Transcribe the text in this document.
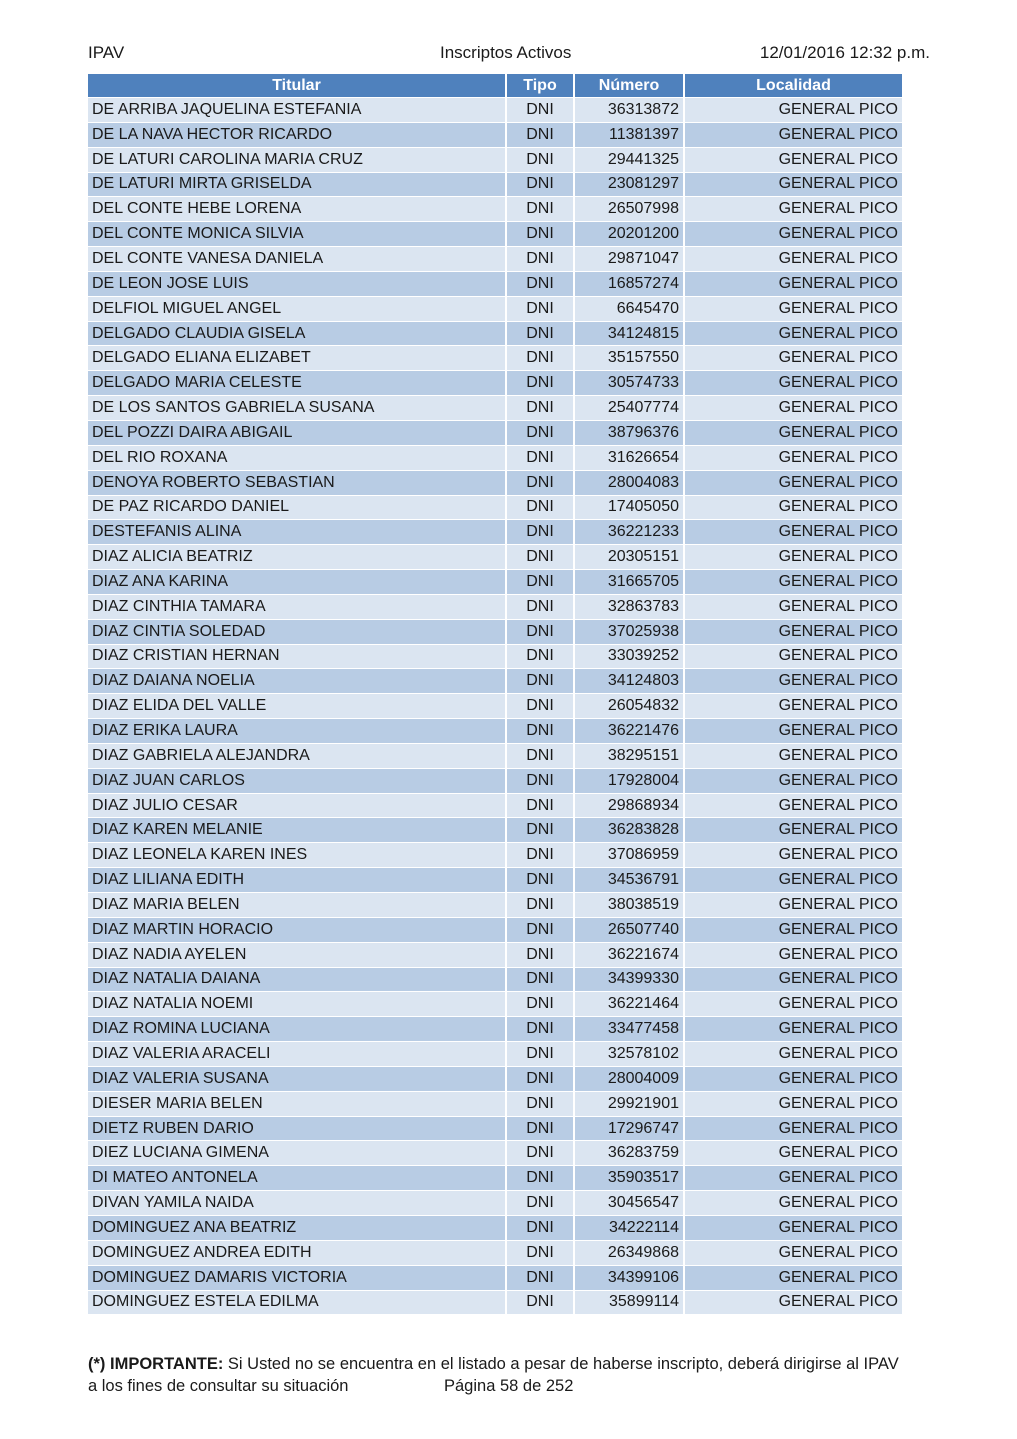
IPAV	Inscriptos Activos	12/01/2016 12:32 p.m.
Titular	Tipo	Número	Localidad
DE ARRIBA JAQUELINA ESTEFANIA	DNI	36313872	GENERAL PICO
DE LA NAVA HECTOR RICARDO	DNI	11381397	GENERAL PICO
DE LATURI CAROLINA MARIA CRUZ	DNI	29441325	GENERAL PICO
DE LATURI MIRTA GRISELDA	DNI	23081297	GENERAL PICO
DEL CONTE HEBE LORENA	DNI	26507998	GENERAL PICO
DEL CONTE MONICA SILVIA	DNI	20201200	GENERAL PICO
DEL CONTE VANESA DANIELA	DNI	29871047	GENERAL PICO
DE LEON JOSE LUIS	DNI	16857274	GENERAL PICO
DELFIOL MIGUEL ANGEL	DNI	6645470	GENERAL PICO
DELGADO CLAUDIA GISELA	DNI	34124815	GENERAL PICO
DELGADO ELIANA ELIZABET	DNI	35157550	GENERAL PICO
DELGADO MARIA CELESTE	DNI	30574733	GENERAL PICO
DE LOS SANTOS GABRIELA SUSANA	DNI	25407774	GENERAL PICO
DEL POZZI DAIRA ABIGAIL	DNI	38796376	GENERAL PICO
DEL RIO ROXANA	DNI	31626654	GENERAL PICO
DENOYA ROBERTO SEBASTIAN	DNI	28004083	GENERAL PICO
DE PAZ RICARDO DANIEL	DNI	17405050	GENERAL PICO
DESTEFANIS ALINA	DNI	36221233	GENERAL PICO
DIAZ ALICIA BEATRIZ	DNI	20305151	GENERAL PICO
DIAZ ANA KARINA	DNI	31665705	GENERAL PICO
DIAZ CINTHIA TAMARA	DNI	32863783	GENERAL PICO
DIAZ CINTIA SOLEDAD	DNI	37025938	GENERAL PICO
DIAZ CRISTIAN HERNAN	DNI	33039252	GENERAL PICO
DIAZ DAIANA NOELIA	DNI	34124803	GENERAL PICO
DIAZ ELIDA DEL VALLE	DNI	26054832	GENERAL PICO
DIAZ ERIKA LAURA	DNI	36221476	GENERAL PICO
DIAZ GABRIELA ALEJANDRA	DNI	38295151	GENERAL PICO
DIAZ JUAN CARLOS	DNI	17928004	GENERAL PICO
DIAZ JULIO CESAR	DNI	29868934	GENERAL PICO
DIAZ KAREN MELANIE	DNI	36283828	GENERAL PICO
DIAZ LEONELA KAREN INES	DNI	37086959	GENERAL PICO
DIAZ LILIANA EDITH	DNI	34536791	GENERAL PICO
DIAZ MARIA BELEN	DNI	38038519	GENERAL PICO
DIAZ MARTIN HORACIO	DNI	26507740	GENERAL PICO
DIAZ NADIA AYELEN	DNI	36221674	GENERAL PICO
DIAZ NATALIA DAIANA	DNI	34399330	GENERAL PICO
DIAZ NATALIA NOEMI	DNI	36221464	GENERAL PICO
DIAZ ROMINA LUCIANA	DNI	33477458	GENERAL PICO
DIAZ VALERIA ARACELI	DNI	32578102	GENERAL PICO
DIAZ VALERIA SUSANA	DNI	28004009	GENERAL PICO
DIESER MARIA BELEN	DNI	29921901	GENERAL PICO
DIETZ RUBEN DARIO	DNI	17296747	GENERAL PICO
DIEZ LUCIANA GIMENA	DNI	36283759	GENERAL PICO
DI MATEO ANTONELA	DNI	35903517	GENERAL PICO
DIVAN YAMILA NAIDA	DNI	30456547	GENERAL PICO
DOMINGUEZ ANA BEATRIZ	DNI	34222114	GENERAL PICO
DOMINGUEZ ANDREA EDITH	DNI	26349868	GENERAL PICO
DOMINGUEZ DAMARIS VICTORIA	DNI	34399106	GENERAL PICO
DOMINGUEZ ESTELA EDILMA	DNI	35899114	GENERAL PICO
(*) IMPORTANTE: Si Usted no se encuentra en el listado a pesar de haberse inscripto, deberá dirigirse al IPAV
a los fines de consultar su situación	Página 58 de 252
